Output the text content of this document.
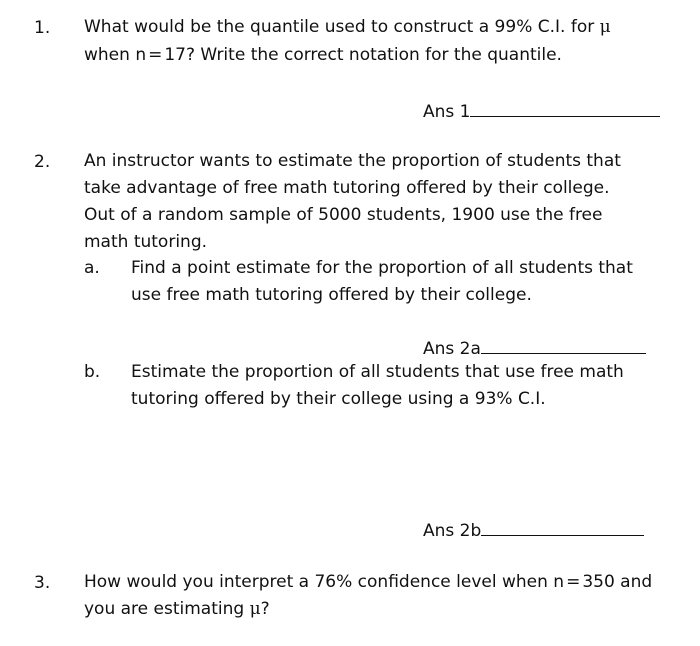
1. What would be the quantile used to construct a 99% C.I. for μ
when n = 17? Write the correct notation for the quantile.
Ans 1
2. An instructor wants to estimate the proportion of students that
take advantage of free math tutoring offered by their college.
Out of a random sample of 5000 students, 1900 use the free
math tutoring.
a. Find a point estimate for the proportion of all students that
use free math tutoring offered by their college.
Ans 2a
b. Estimate the proportion of all students that use free math
tutoring offered by their college using a 93% C.I.
Ans 2b
3. How would you interpret a 76% confidence level when n = 350 and
you are estimating μ?
